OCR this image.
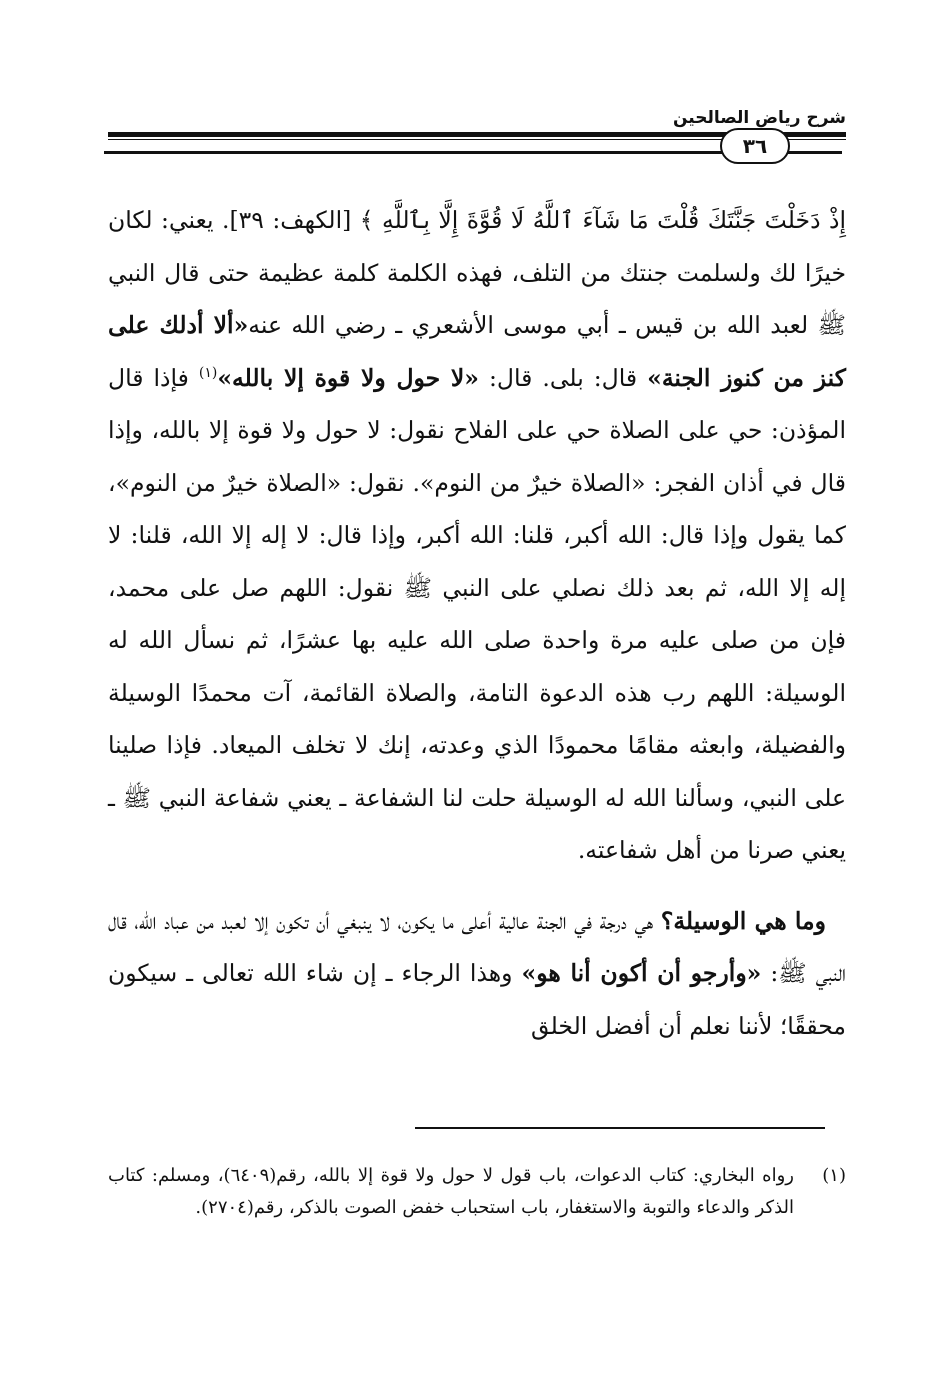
شرح رياض الصالحين
٣٦

إِذْ دَخَلْتَ جَنَّتَكَ قُلْتَ مَا شَآءَ ٱللَّهُ لَا قُوَّةَ إِلَّا بِٱللَّهِ ﴾ [الكهف: ٣٩]. يعني: لكان خيرًا لك ولسلمت جنتك من التلف، فهذه الكلمة كلمة عظيمة حتى قال النبي ﷺ لعبد الله بن قيس ـ أبي موسى الأشعري ـ رضي الله عنه«ألا أدلك على كنز من كنوز الجنة» قال: بلى. قال: «لا حول ولا قوة إلا بالله»$^{(١)}$ فإذا قال المؤذن: حي على الصلاة حي على الفلاح نقول: لا حول ولا قوة إلا بالله، وإذا قال في أذان الفجر: «الصلاة خيرٌ من النوم». نقول: «الصلاة خيرٌ من النوم»، كما يقول وإذا قال: الله أكبر، قلنا: الله أكبر، وإذا قال: لا إله إلا الله، قلنا: لا إله إلا الله، ثم بعد ذلك نصلي على النبي ﷺ نقول: اللهم صل على محمد، فإن من صلى عليه مرة واحدة صلى الله عليه بها عشرًا، ثم نسأل الله له الوسيلة: اللهم رب هذه الدعوة التامة، والصلاة القائمة، آت محمدًا الوسيلة والفضيلة، وابعثه مقامًا محمودًا الذي وعدته، إنك لا تخلف الميعاد. فإذا صلينا على النبي، وسألنا الله له الوسيلة حلت لنا الشفاعة ـ يعني شفاعة النبي ﷺ ـ يعني صرنا من أهل شفاعته.

وما هي الوسيلة؟ هي درجة في الجنة عالية أعلى ما يكون، لا ينبغي أن تكون إلا لعبد من عباد الله، قال النبي ﷺ: «وأرجو أن أكون أنا هو» وهذا الرجاء ـ إن شاء الله تعالى ـ سيكون محققًا؛ لأننا نعلم أن أفضل الخلق

(١)
رواه البخاري: كتاب الدعوات، باب قول لا حول ولا قوة إلا بالله، رقم(٦٤٠٩)، ومسلم: كتاب الذكر والدعاء والتوبة والاستغفار، باب استحباب خفض الصوت بالذكر، رقم(٢٧٠٤).
